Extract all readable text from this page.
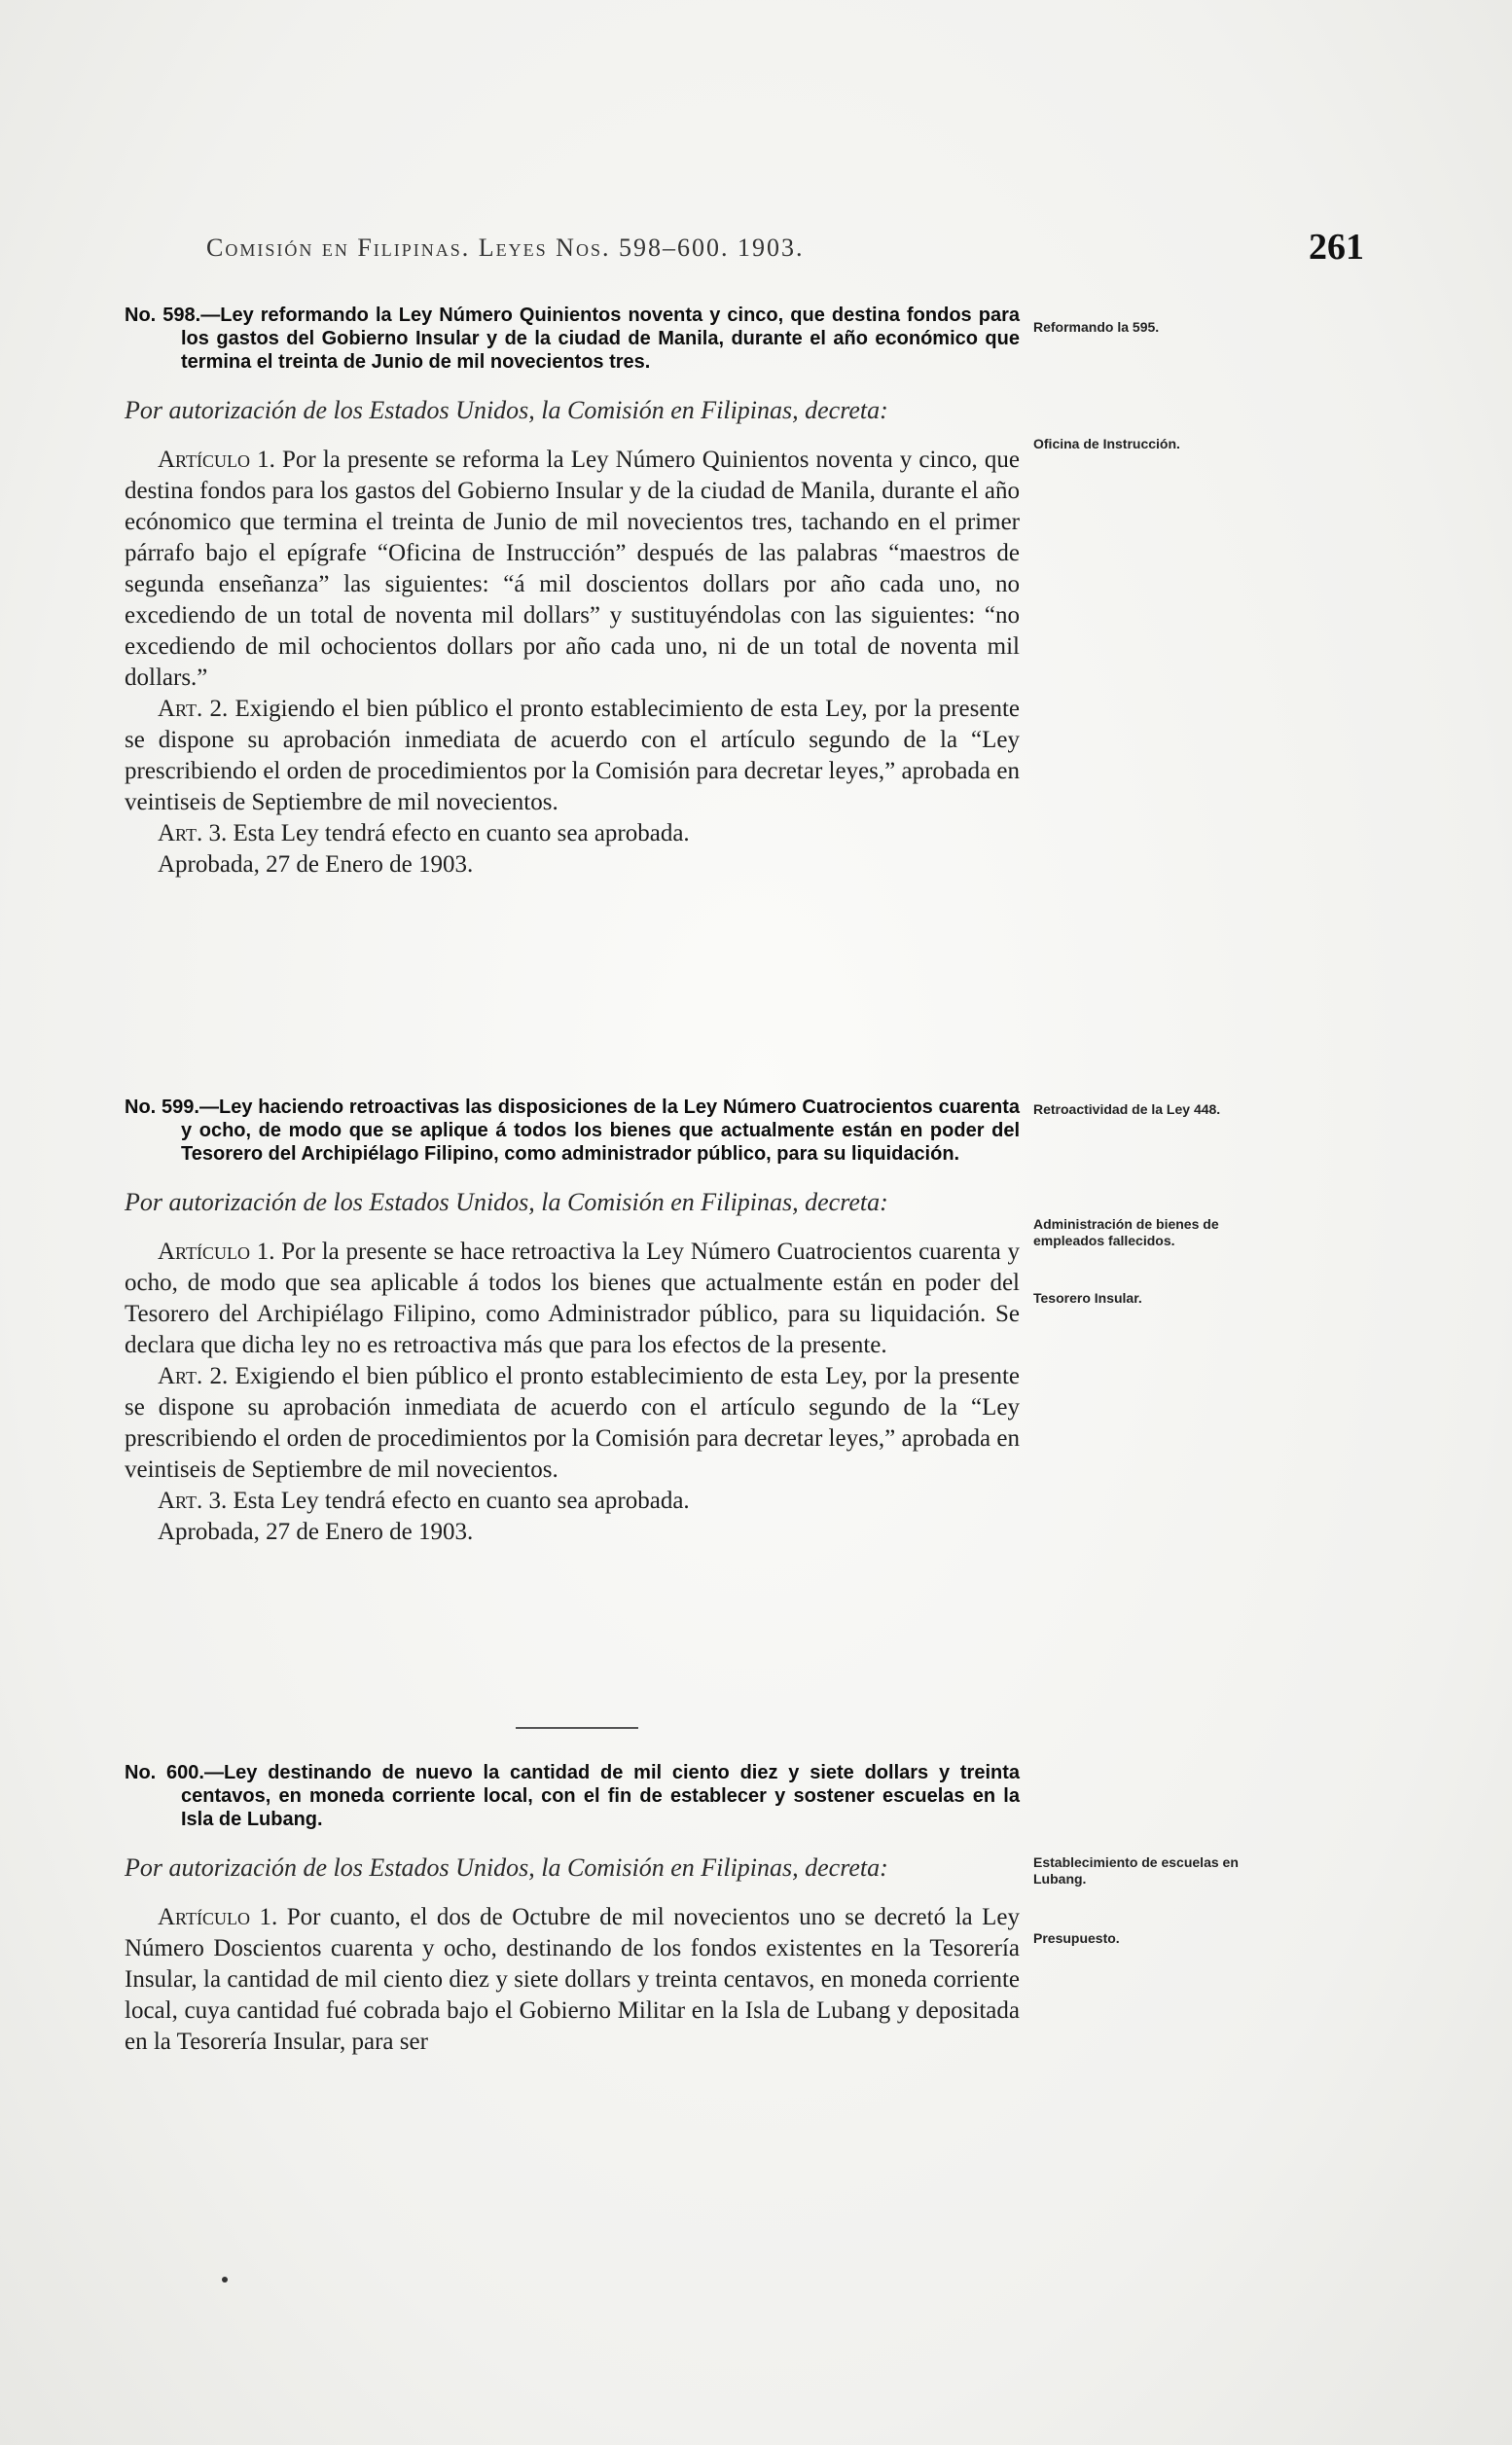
Comisión en Filipinas. Leyes Nos. 598–600. 1903.	261

No. 598.—Ley reformando la Ley Número Quinientos noventa y cinco, que destina fondos para los gastos del Gobierno Insular y de la ciudad de Manila, durante el año económico que termina el treinta de Junio de mil novecientos tres.

Por autorización de los Estados Unidos, la Comisión en Filipinas, decreta:

Artículo 1. Por la presente se reforma la Ley Número Quinientos noventa y cinco, que destina fondos para los gastos del Gobierno Insular y de la ciudad de Manila, durante el año ecónomico que termina el treinta de Junio de mil novecientos tres, tachando en el primer párrafo bajo el epígrafe “Oficina de Instrucción” después de las palabras “maestros de segunda enseñanza” las siguientes: “á mil doscientos dollars por año cada uno, no excediendo de un total de noventa mil dollars” y sustituyéndolas con las siguientes: “no excediendo de mil ochocientos dollars por año cada uno, ni de un total de noventa mil dollars.”

Art. 2. Exigiendo el bien público el pronto establecimiento de esta Ley, por la presente se dispone su aprobación inmediata de acuerdo con el artículo segundo de la “Ley prescribiendo el orden de procedimientos por la Comisión para decretar leyes,” aprobada en veintiseis de Septiembre de mil novecientos.

Art. 3. Esta Ley tendrá efecto en cuanto sea aprobada.

Aprobada, 27 de Enero de 1903.

Reformando la 595.
Oficina de Instrucción.

No. 599.—Ley haciendo retroactivas las disposiciones de la Ley Número Cuatrocientos cuarenta y ocho, de modo que se aplique á todos los bienes que actualmente están en poder del Tesorero del Archipiélago Filipino, como administrador público, para su liquidación.

Por autorización de los Estados Unidos, la Comisión en Filipinas, decreta:

Artículo 1. Por la presente se hace retroactiva la Ley Número Cuatrocientos cuarenta y ocho, de modo que sea aplicable á todos los bienes que actualmente están en poder del Tesorero del Archipiélago Filipino, como Administrador público, para su liquidación. Se declara que dicha ley no es retroactiva más que para los efectos de la presente.

Art. 2. Exigiendo el bien público el pronto establecimiento de esta Ley, por la presente se dispone su aprobación inmediata de acuerdo con el artículo segundo de la “Ley prescribiendo el orden de procedimientos por la Comisión para decretar leyes,” aprobada en veintiseis de Septiembre de mil novecientos.

Art. 3. Esta Ley tendrá efecto en cuanto sea aprobada.

Aprobada, 27 de Enero de 1903.

Retroactividad de la Ley 448.
Administración de bienes de empleados fallecidos.
Tesorero Insular.

No. 600.—Ley destinando de nuevo la cantidad de mil ciento diez y siete dollars y treinta centavos, en moneda corriente local, con el fin de establecer y sostener escuelas en la Isla de Lubang.

Por autorización de los Estados Unidos, la Comisión en Filipinas, decreta:

Artículo 1. Por cuanto, el dos de Octubre de mil novecientos uno se decretó la Ley Número Doscientos cuarenta y ocho, destinando de los fondos existentes en la Tesorería Insular, la cantidad de mil ciento diez y siete dollars y treinta centavos, en moneda corriente local, cuya cantidad fué cobrada bajo el Gobierno Militar en la Isla de Lubang y depositada en la Tesorería Insular, para ser

Establecimiento de escuelas en Lubang.
Presupuesto.
